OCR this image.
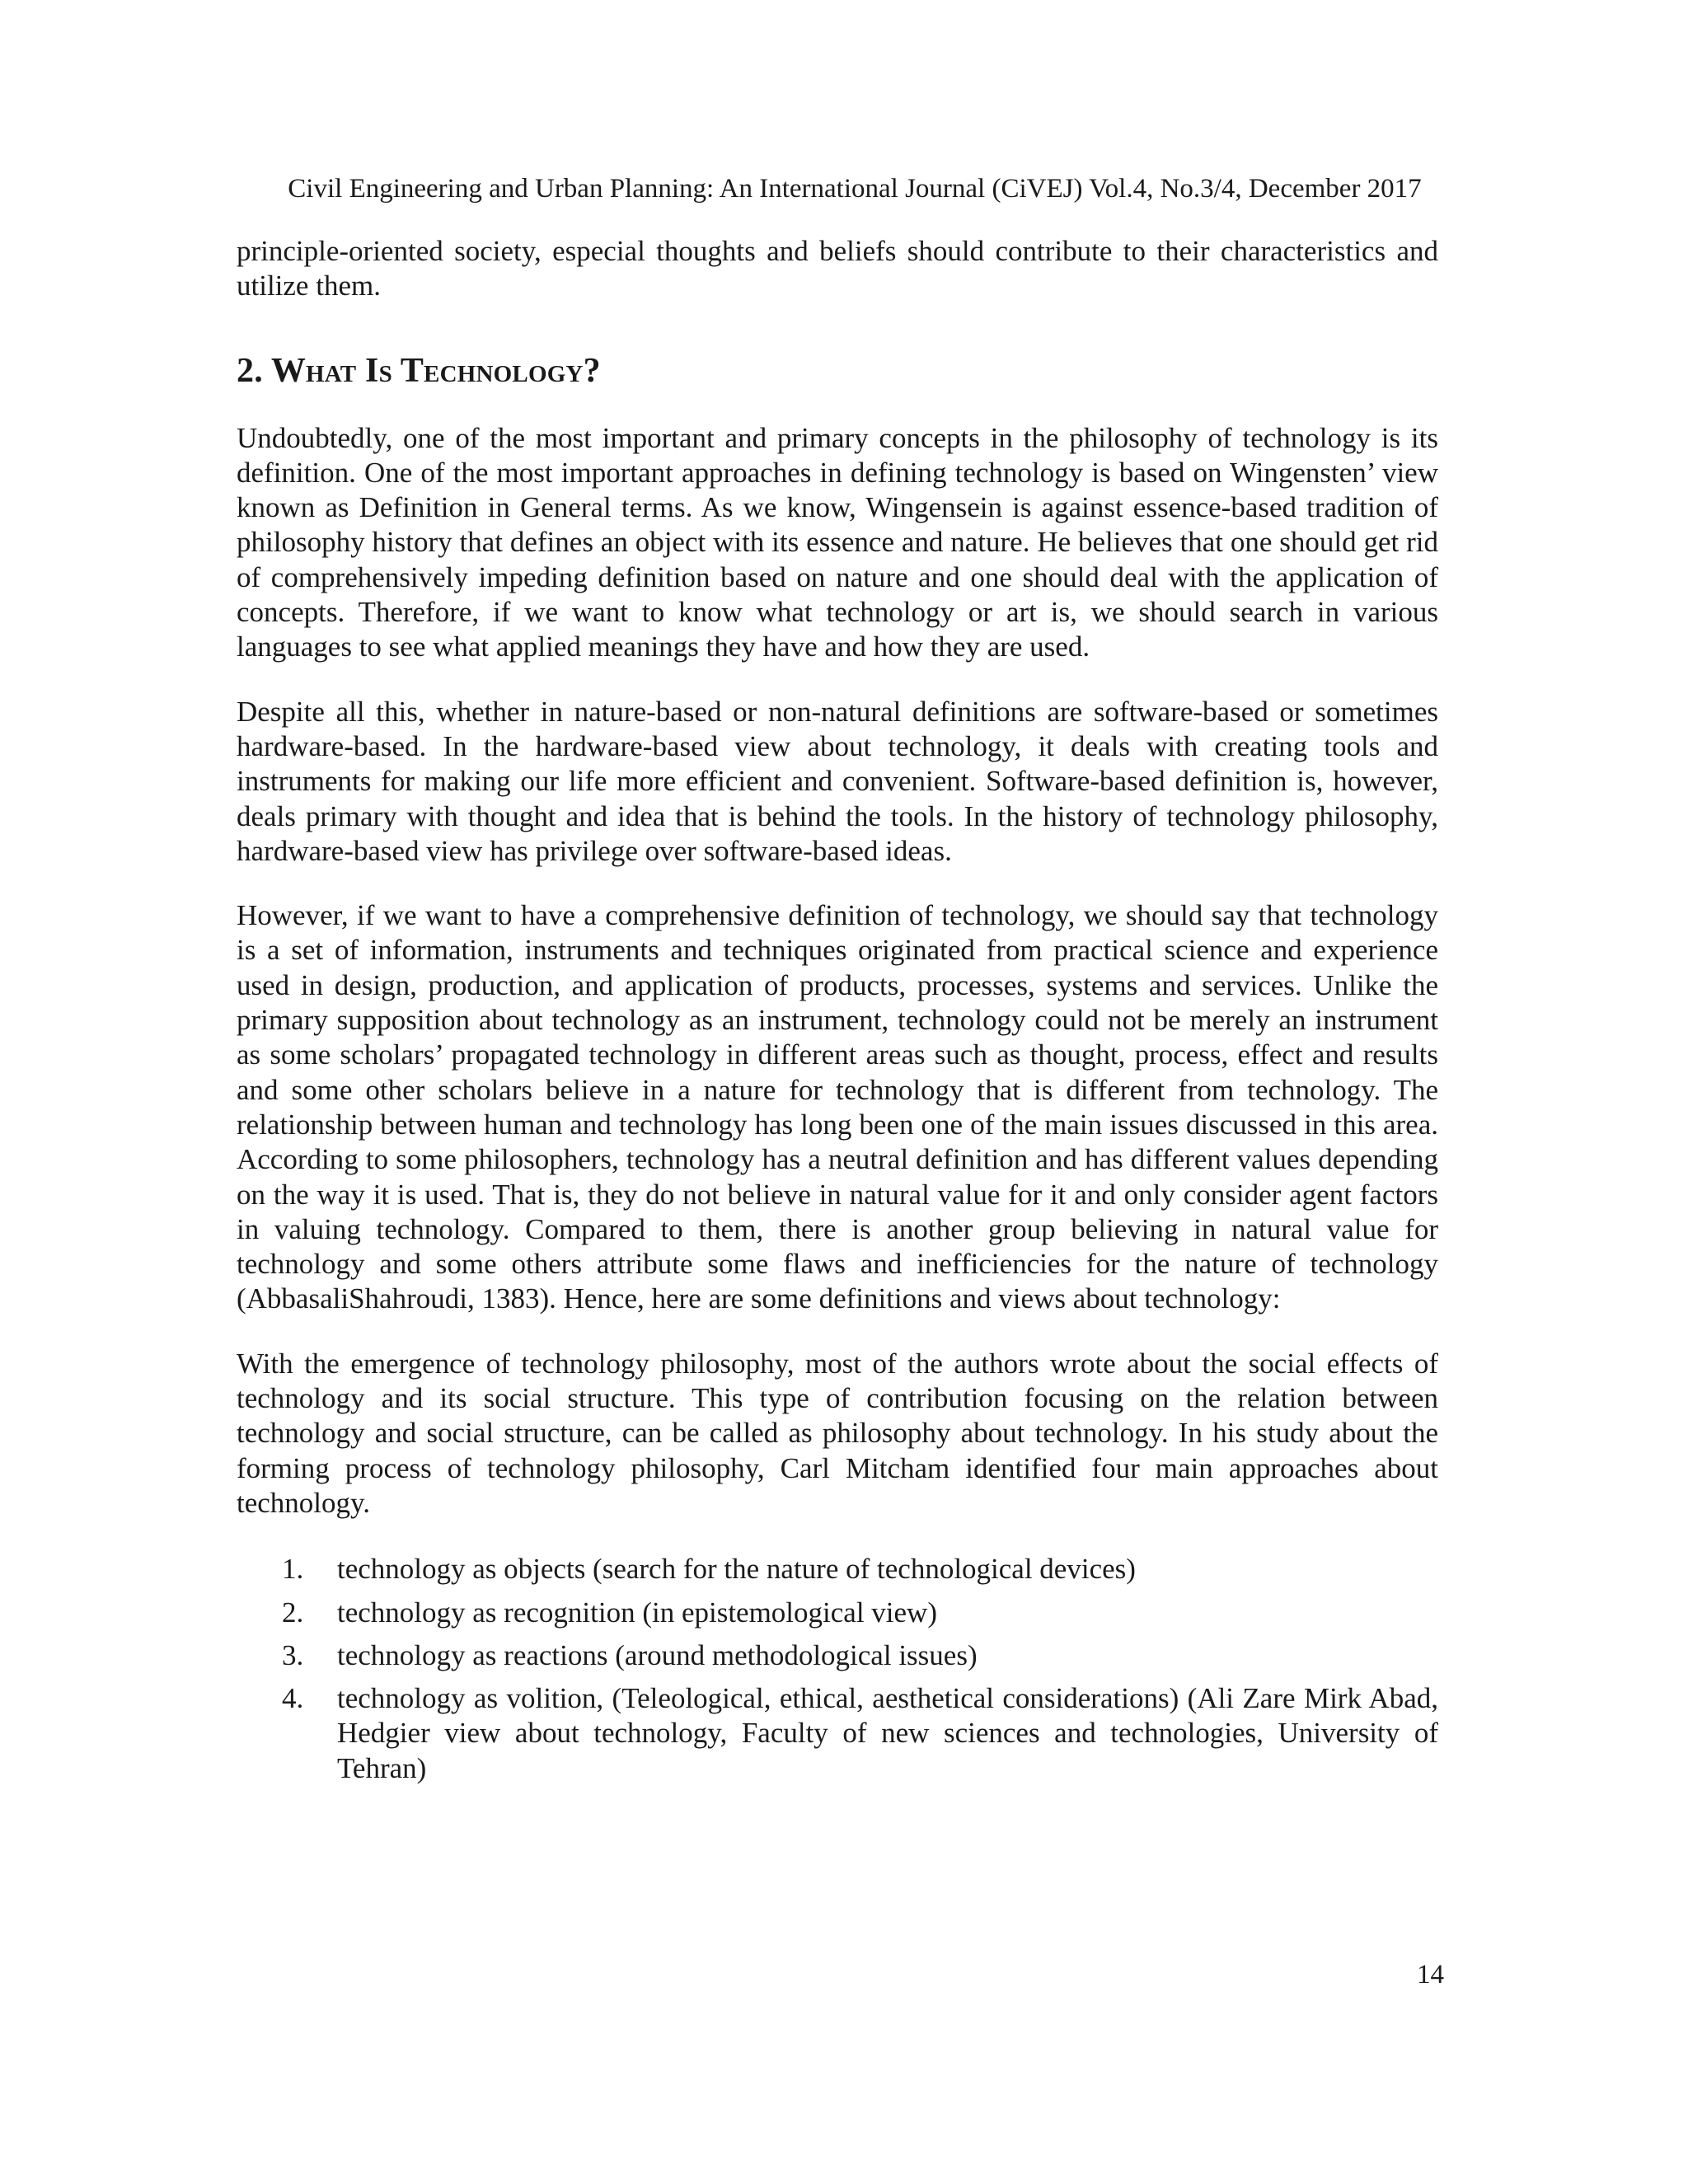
Civil Engineering and Urban Planning: An International Journal (CiVEJ) Vol.4, No.3/4, December 2017

principle-oriented society, especial thoughts and beliefs should contribute to their characteristics and utilize them.

2. What Is Technology?

Undoubtedly, one of the most important and primary concepts in the philosophy of technology is its definition. One of the most important approaches in defining technology is based on Wingensten’ view known as Definition in General terms. As we know, Wingensein is against essence-based tradition of philosophy history that defines an object with its essence and nature. He believes that one should get rid of comprehensively impeding definition based on nature and one should deal with the application of concepts. Therefore, if we want to know what technology or art is, we should search in various languages to see what applied meanings they have and how they are used.

Despite all this, whether in nature-based or non-natural definitions are software-based or sometimes hardware-based. In the hardware-based view about technology, it deals with creating tools and instruments for making our life more efficient and convenient. Software-based definition is, however, deals primary with thought and idea that is behind the tools. In the history of technology philosophy, hardware-based view has privilege over software-based ideas.

However, if we want to have a comprehensive definition of technology, we should say that technology is a set of information, instruments and techniques originated from practical science and experience used in design, production, and application of products, processes, systems and services. Unlike the primary supposition about technology as an instrument, technology could not be merely an instrument as some scholars’ propagated technology in different areas such as thought, process, effect and results and some other scholars believe in a nature for technology that is different from technology. The relationship between human and technology has long been one of the main issues discussed in this area. According to some philosophers, technology has a neutral definition and has different values depending on the way it is used. That is, they do not believe in natural value for it and only consider agent factors in valuing technology. Compared to them, there is another group believing in natural value for technology and some others attribute some flaws and inefficiencies for the nature of technology (AbbasaliShahroudi, 1383). Hence, here are some definitions and views about technology:

With the emergence of technology philosophy, most of the authors wrote about the social effects of technology and its social structure. This type of contribution focusing on the relation between technology and social structure, can be called as philosophy about technology. In his study about the forming process of technology philosophy, Carl Mitcham identified four main approaches about technology.

1.	technology as objects (search for the nature of technological devices)
2.	technology as recognition (in epistemological view)
3.	technology as reactions (around methodological issues)
4.	technology as volition, (Teleological, ethical, aesthetical considerations) (Ali Zare Mirk Abad, Hedgier view about technology, Faculty of new sciences and technologies, University of Tehran)
14
